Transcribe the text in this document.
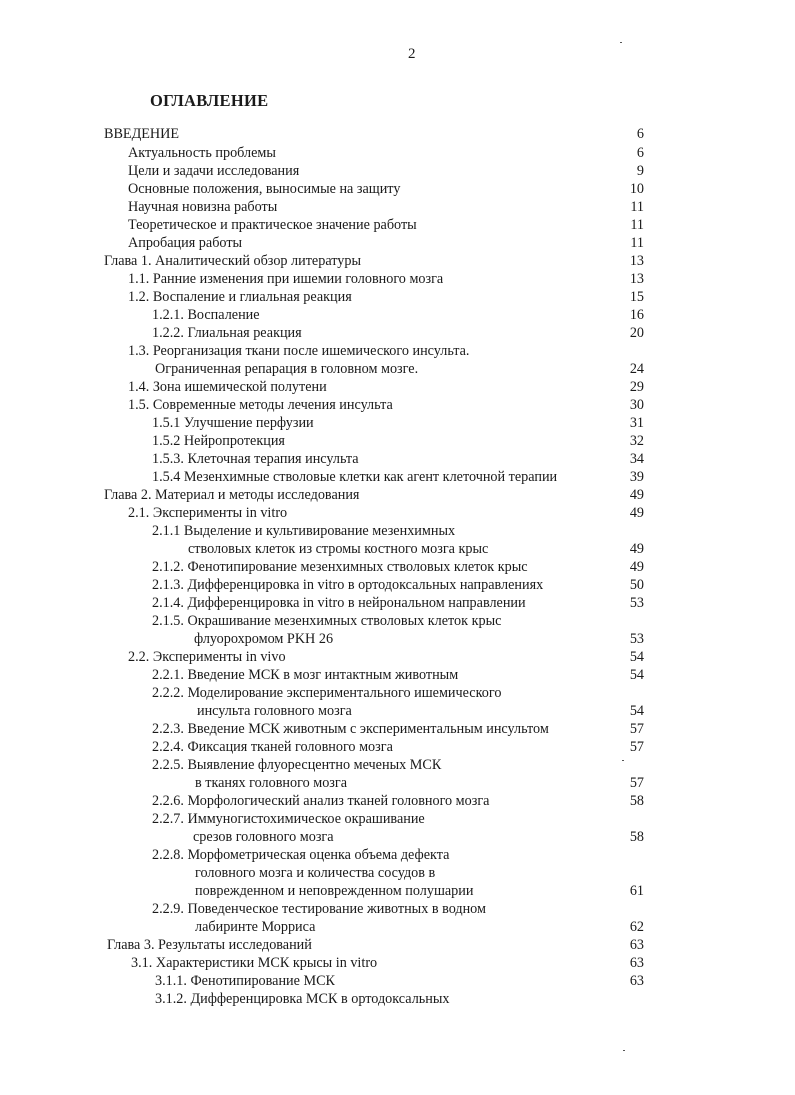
2
ОГЛАВЛЕНИЕ
ВВЕДЕНИЕ	6
Актуальность проблемы	6
Цели и задачи исследования	9
Основные положения, выносимые на защиту	10
Научная новизна работы	11
Теоретическое и практическое значение работы	11
Апробация работы	11
Глава 1. Аналитический обзор литературы	13
1.1. Ранние изменения при ишемии головного мозга	13
1.2. Воспаление и глиальная реакция	15
1.2.1. Воспаление	16
1.2.2. Глиальная реакция	20
1.3. Реорганизация ткани после ишемического инсульта.
Ограниченная репарация в головном мозге.	24
1.4. Зона ишемической полутени	29
1.5. Современные методы лечения инсульта	30
1.5.1 Улучшение перфузии	31
1.5.2 Нейропротекция	32
1.5.3. Клеточная терапия инсульта	34
1.5.4 Мезенхимные стволовые клетки как агент клеточной терапии	39
Глава 2. Материал и методы исследования	49
2.1. Эксперименты in vitro	49
2.1.1 Выделение и культивирование мезенхимных
стволовых клеток из стромы костного мозга крыс	49
2.1.2. Фенотипирование мезенхимных стволовых клеток крыс	49
2.1.3. Дифференцировка in vitro в ортодоксальных направлениях	50
2.1.4. Дифференцировка in vitro в нейрональном направлении	53
2.1.5. Окрашивание мезенхимных стволовых клеток крыс
флуорохромом PKH 26	53
2.2. Эксперименты in vivo	54
2.2.1. Введение МСК в мозг интактным животным	54
2.2.2. Моделирование экспериментального ишемического
инсульта головного мозга	54
2.2.3. Введение МСК животным с экспериментальным инсультом	57
2.2.4. Фиксация тканей головного мозга	57
2.2.5. Выявление флуоресцентно меченых МСК
в тканях головного мозга	57
2.2.6. Морфологический анализ тканей головного мозга	58
2.2.7. Иммуногистохимическое окрашивание
срезов головного мозга	58
2.2.8. Морфометрическая оценка объема дефекта
головного мозга и количества сосудов в
поврежденном и неповрежденном полушарии	61
2.2.9. Поведенческое тестирование животных в водном
лабиринте Морриса	62
Глава 3. Результаты исследований	63
3.1. Характеристики МСК крысы in vitro	63
3.1.1. Фенотипирование МСК	63
3.1.2. Дифференцировка МСК в ортодоксальных
